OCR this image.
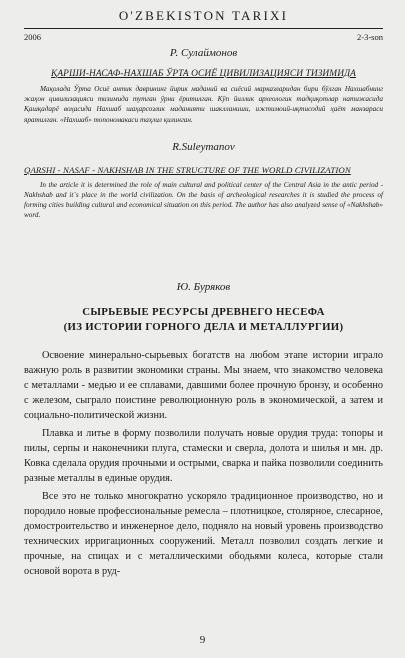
O'ZBEKISTON TARIXI
2006	2-3-son
Р. Сулаймонов
ҚАРШИ-НАСАФ-НАХШАБ ЎРТА ОСИЁ ЦИВИЛИЗАЦИЯСИ ТИЗИМИДА

Мақолада Ўрта Осиё антик даврининг йирик маданий ва сиёсий марказларидан бири бўлган Нахшабнинг жаҳон цивилизацияси тизимида тутган ўрни ёритилган. Кўп йиллик археологик тадқиқотлар натижасида Қашқадарё воҳасида Нахшаб шаҳарсозлик маданияти шаклланиши, ижтимоий-иқтисодий ҳаёт манзараси яратилган. «Нахшаб» топономакаси таҳлил қилинган.

R.Suleymanov
QARSHI - NASAF - NAKHSHAB IN THE STRUCTURE OF THE WORLD CIVILIZATION

In the article it is determined the role of main cultural and political center of the Central Asia in the antic period - Nakhshab and it`s place in the world civilization. On the basis of archeological researches it is studied the process of forming cities building cultural and economical situation on this period. The author has also analyzed sense of «Nakhshab» word.

Ю. Буряков
СЫРЬЕВЫЕ РЕСУРСЫ ДРЕВНЕГО НЕСЕФА
(ИЗ ИСТОРИИ ГОРНОГО ДЕЛА И МЕТАЛЛУРГИИ)

Освоение минерально-сырьевых богатств на любом этапе истории играло важную роль в развитии экономики страны. Мы знаем, что знакомство человека с металлами - медью и ее сплавами, давшими более прочную бронзу, и особенно с железом, сыграло поистине революционную роль в экономической, а затем и социально-политической жизни.

Плавка и литье в форму позволили получать новые орудия труда: топоры и пилы, серпы и наконечники плуга, стамески и сверла, долота и шилья и мн. др. Ковка сделала орудия прочными и острыми, сварка и пайка позволили соединить разные металлы в единые орудия.

Все это не только многократно ускоряло традиционное производство, но и породило новые профессиональные ремесла – плотницкое, столярное, слесарное, домостроительство и инженерное дело, подняло на новый уровень производство технических ирригационных сооружений. Металл позволил создать легкие и прочные, на спицах и с металлическими ободьями колеса, которые стали основой ворота в руд-

9
